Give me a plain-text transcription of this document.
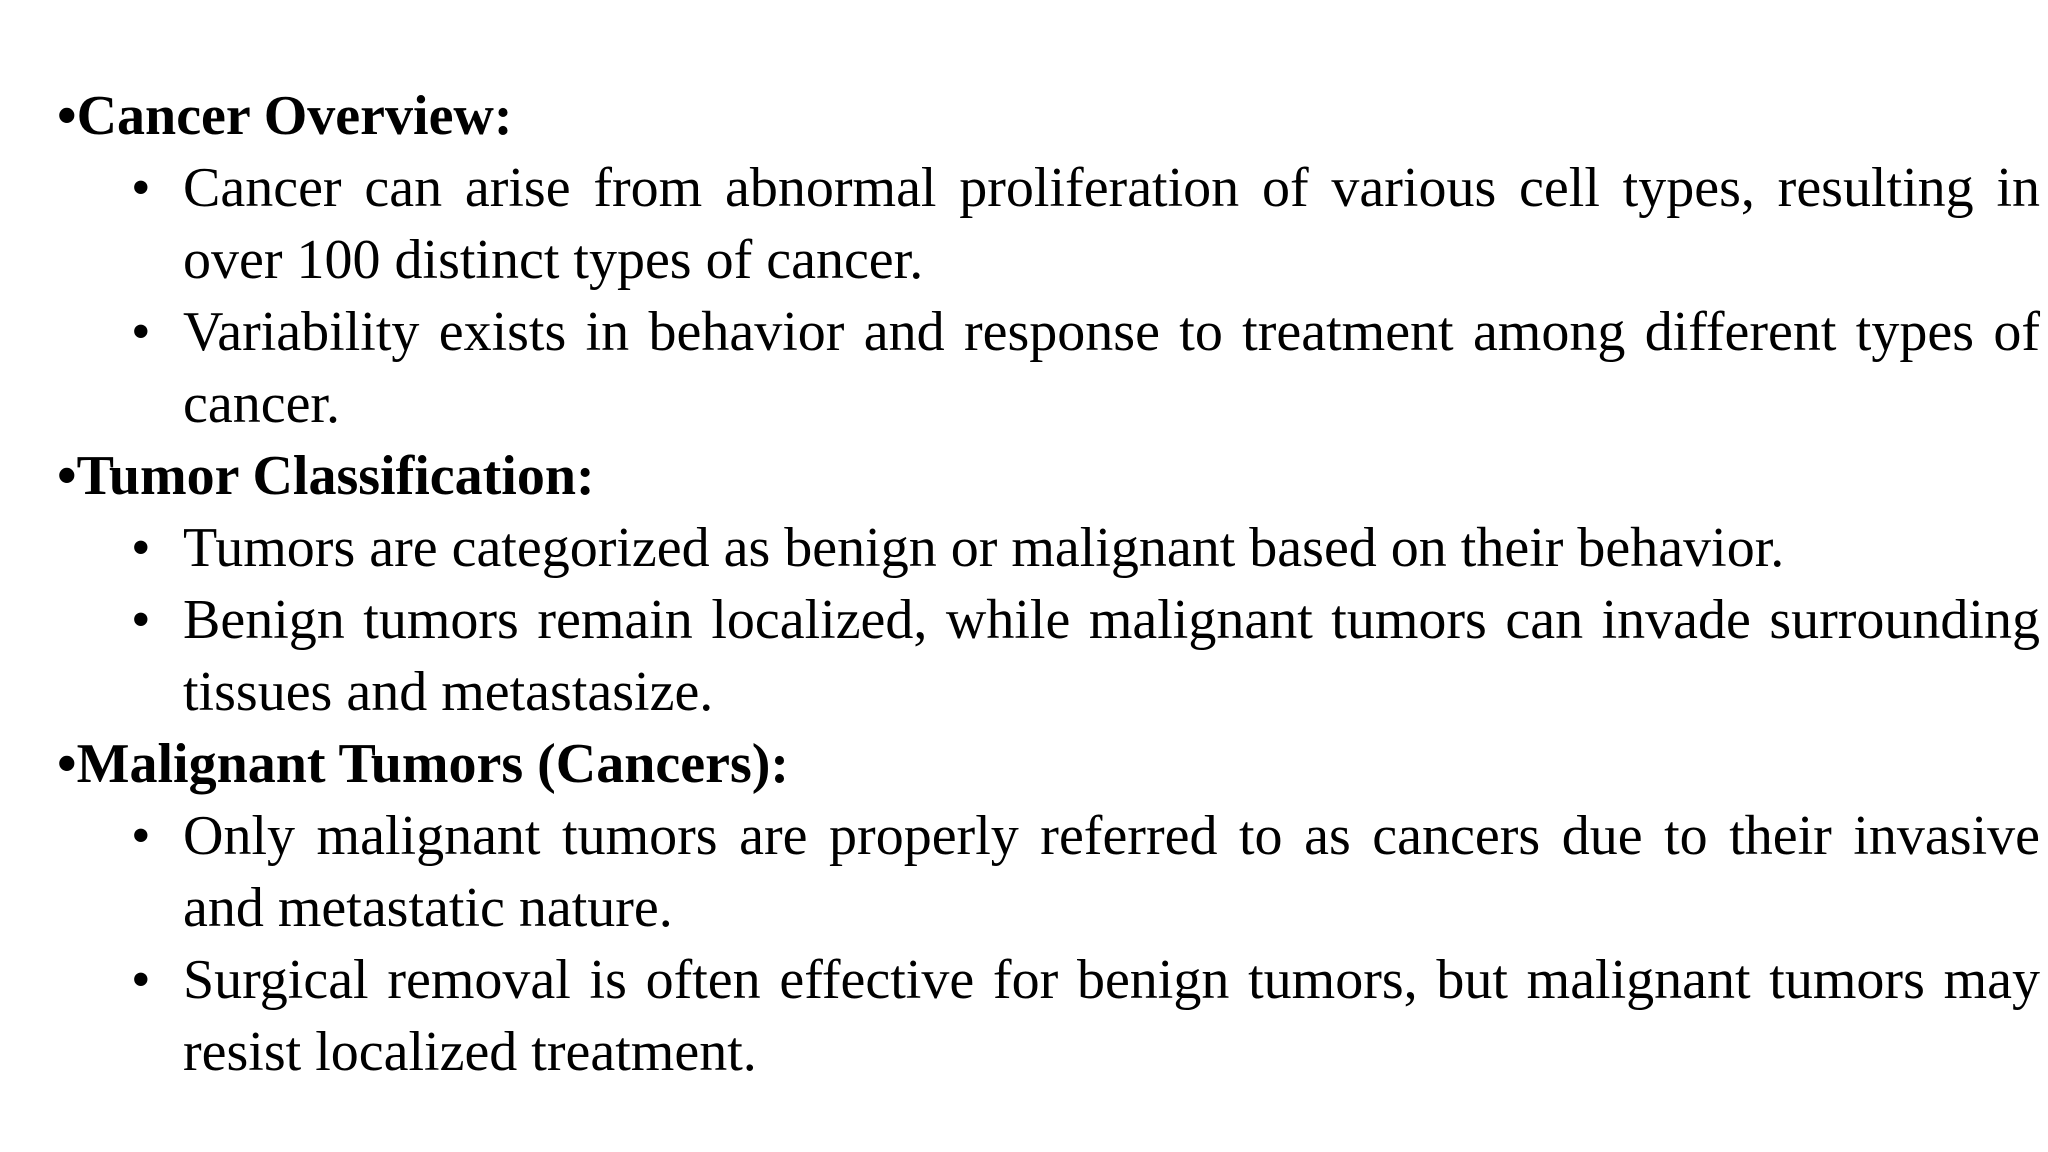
•Cancer Overview:
• Cancer can arise from abnormal proliferation of various cell types, resulting in over 100 distinct types of cancer.
• Variability exists in behavior and response to treatment among different types of cancer.
•Tumor Classification:
• Tumors are categorized as benign or malignant based on their behavior.
• Benign tumors remain localized, while malignant tumors can invade surrounding tissues and metastasize.
•Malignant Tumors (Cancers):
• Only malignant tumors are properly referred to as cancers due to their invasive and metastatic nature.
• Surgical removal is often effective for benign tumors, but malignant tumors may resist localized treatment.
